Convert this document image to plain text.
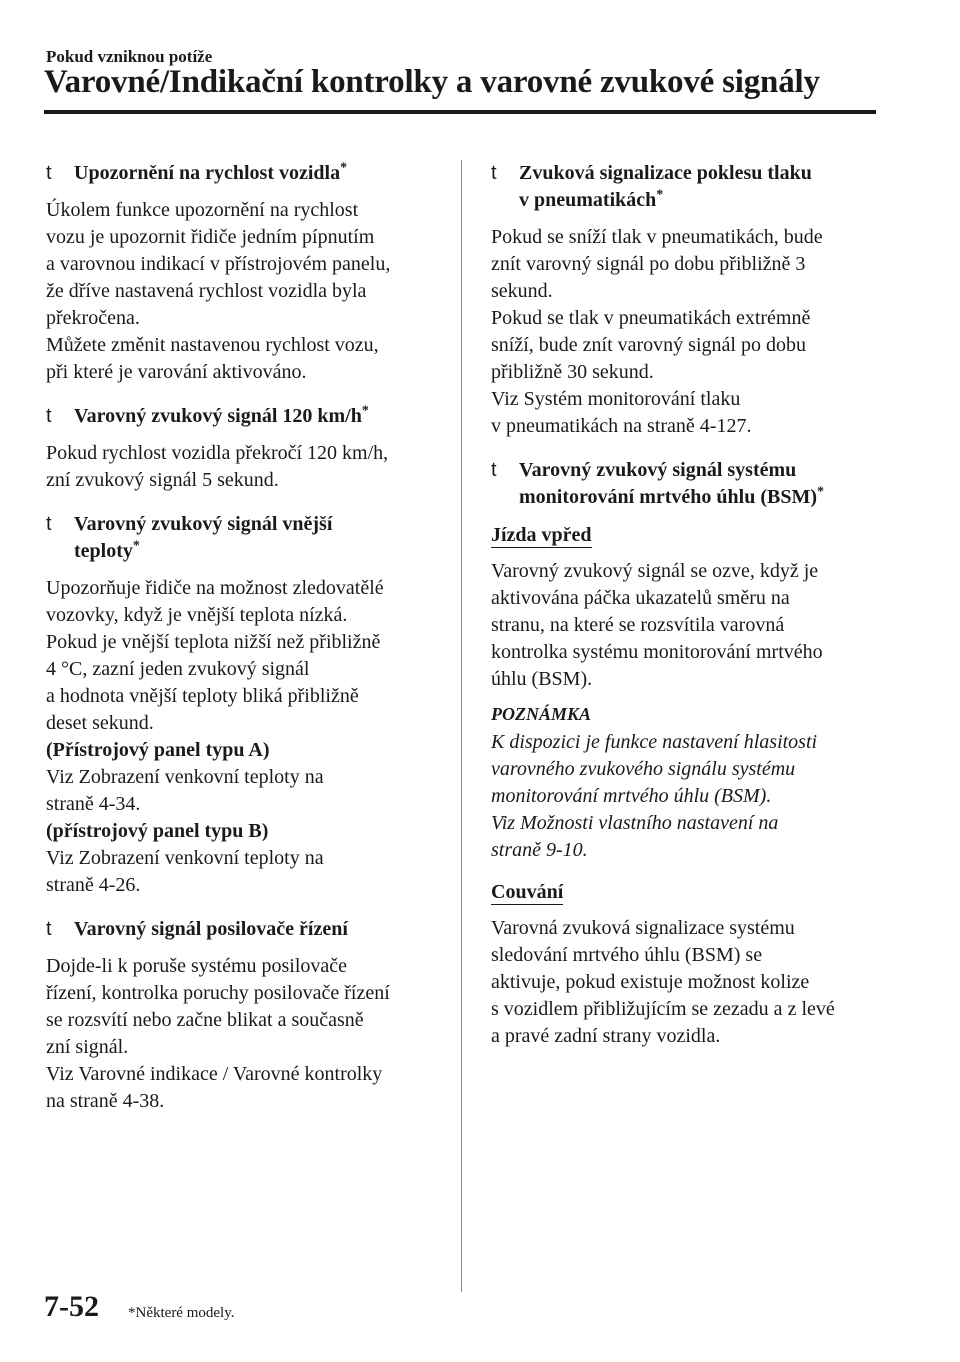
Pokud vzniknou potíže
Varovné/Indikační kontrolky a varovné zvukové signály
t Upozornění na rychlost vozidla*

Úkolem funkce upozornění na rychlost
vozu je upozornit řidiče jedním pípnutím
a varovnou indikací v přístrojovém panelu,
že dříve nastavená rychlost vozidla byla
překročena.
Můžete změnit nastavenou rychlost vozu,
při které je varování aktivováno.

t Varovný zvukový signál 120 km/h*

Pokud rychlost vozidla překročí 120 km/h,
zní zvukový signál 5 sekund.

t Varovný zvukový signál vnější
teploty*

Upozorňuje řidiče na možnost zledovatělé
vozovky, když je vnější teplota nízká.
Pokud je vnější teplota nižší než přibližně
4 °C, zazní jeden zvukový signál
a hodnota vnější teploty bliká přibližně
deset sekund.

(Přístrojový panel typu A)

Viz Zobrazení venkovní teploty na
straně 4-34.

(přístrojový panel typu B)

Viz Zobrazení venkovní teploty na
straně 4-26.

t Varovný signál posilovače řízení

Dojde-li k poruše systému posilovače
řízení, kontrolka poruchy posilovače řízení
se rozsvítí nebo začne blikat a současně
zní signál.
Viz Varovné indikace / Varovné kontrolky
na straně 4-38.

t Zvuková signalizace poklesu tlaku
v pneumatikách*

Pokud se sníží tlak v pneumatikách, bude
znít varovný signál po dobu přibližně 3
sekund.
Pokud se tlak v pneumatikách extrémně
sníží, bude znít varovný signál po dobu
přibližně 30 sekund.
Viz Systém monitorování tlaku
v pneumatikách na straně 4-127.

t Varovný zvukový signál systému
monitorování mrtvého úhlu (BSM)*
Jízda vpřed

Varovný zvukový signál se ozve, když je
aktivována páčka ukazatelů směru na
stranu, na které se rozsvítila varovná
kontrolka systému monitorování mrtvého
úhlu (BSM).

POZNÁMKA

K dispozici je funkce nastavení hlasitosti
varovného zvukového signálu systému
monitorování mrtvého úhlu (BSM).
Viz Možnosti vlastního nastavení na
straně 9-10.

Couvání

Varovná zvuková signalizace systému
sledování mrtvého úhlu (BSM) se
aktivuje, pokud existuje možnost kolize
s vozidlem přibližujícím se zezadu a z levé
a pravé zadní strany vozidla.

7-52 *Některé modely.
